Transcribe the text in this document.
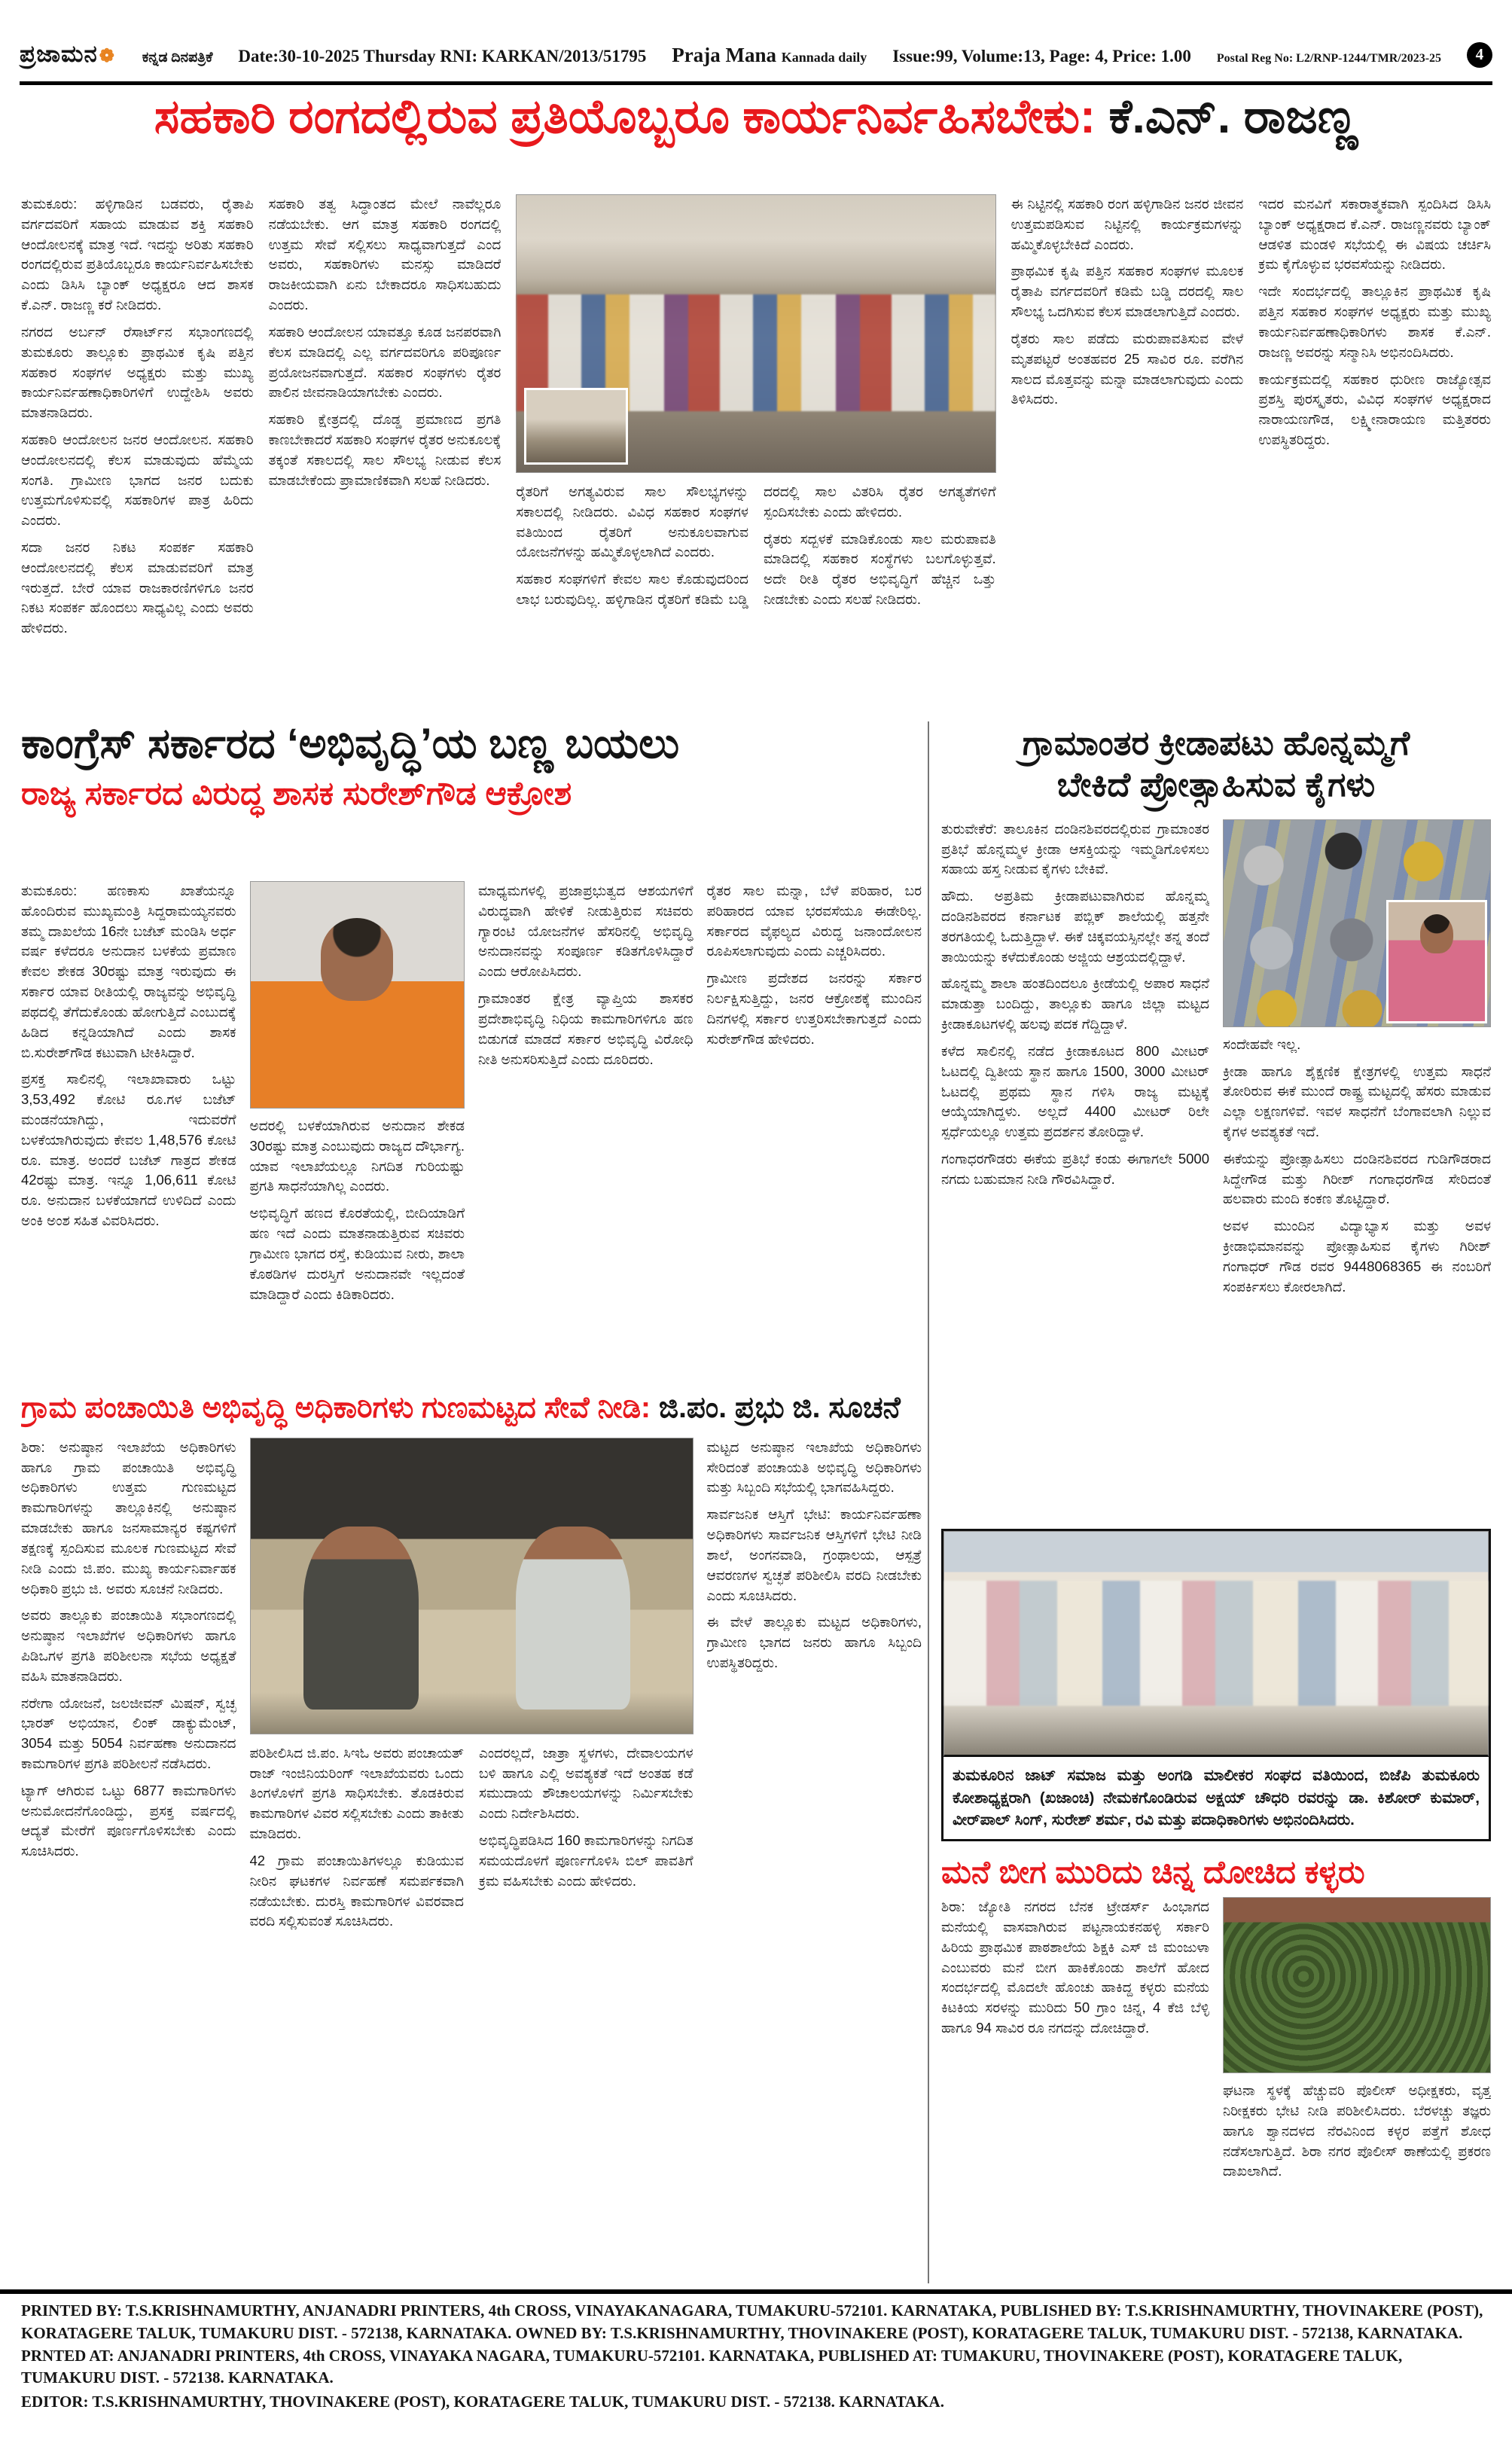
ಪ್ರಜಾಮನ❁ ಕನ್ನಡ ದಿನಪತ್ರಿಕೆ Date:30-10-2025 Thursday RNI: KARKAN/2013/51795 Praja Mana Kannada daily Issue:99, Volume:13, Page: 4, Price: 1.00 Postal Reg No: L2/RNP-1244/TMR/2023-25	4
ಸಹಕಾರಿ ರಂಗದಲ್ಲಿರುವ ಪ್ರತಿಯೊಬ್ಬರೂ ಕಾರ್ಯನಿರ್ವಹಿಸಬೇಕು: ಕೆ.ಎನ್. ರಾಜಣ್ಣ

ತುಮಕೂರು: ಹಳ್ಳಿಗಾಡಿನ ಬಡವರು, ರೈತಾಪಿ ವರ್ಗದವರಿಗೆ ಸಹಾಯ ಮಾಡುವ ಶಕ್ತಿ ಸಹಕಾರಿ ಆಂದೋಲನಕ್ಕೆ ಮಾತ್ರ ಇದೆ. ಇದನ್ನು ಅರಿತು ಸಹಕಾರಿ ರಂಗದಲ್ಲಿರುವ ಪ್ರತಿಯೊಬ್ಬರೂ ಕಾರ್ಯನಿರ್ವಹಿಸಬೇಕು ಎಂದು ಡಿಸಿಸಿ ಬ್ಯಾಂಕ್ ಅಧ್ಯಕ್ಷರೂ ಆದ ಶಾಸಕ ಕೆ.ಎನ್. ರಾಜಣ್ಣ ಕರೆ ನೀಡಿದರು.

ನಗರದ ಅರ್ಬನ್ ರೆಸಾರ್ಟ್‌ನ ಸಭಾಂಗಣದಲ್ಲಿ ತುಮಕೂರು ತಾಲ್ಲೂಕು ಪ್ರಾಥಮಿಕ ಕೃಷಿ ಪತ್ತಿನ ಸಹಕಾರ ಸಂಘಗಳ ಅಧ್ಯಕ್ಷರು ಮತ್ತು ಮುಖ್ಯ ಕಾರ್ಯನಿರ್ವಹಣಾಧಿಕಾರಿಗಳಿಗೆ ಉದ್ದೇಶಿಸಿ ಅವರು ಮಾತನಾಡಿದರು.

ಸಹಕಾರಿ ಆಂದೋಲನ ಜನರ ಆಂದೋಲನ. ಸಹಕಾರಿ ಆಂದೋಲನದಲ್ಲಿ ಕೆಲಸ ಮಾಡುವುದು ಹೆಮ್ಮೆಯ ಸಂಗತಿ. ಗ್ರಾಮೀಣ ಭಾಗದ ಜನರ ಬದುಕು ಉತ್ತಮಗೊಳಿಸುವಲ್ಲಿ ಸಹಕಾರಿಗಳ ಪಾತ್ರ ಹಿರಿದು ಎಂದರು.

ಸದಾ ಜನರ ನಿಕಟ ಸಂಪರ್ಕ ಸಹಕಾರಿ ಆಂದೋಲನದಲ್ಲಿ ಕೆಲಸ ಮಾಡುವವರಿಗೆ ಮಾತ್ರ ಇರುತ್ತದೆ. ಬೇರೆ ಯಾವ ರಾಜಕಾರಣಿಗಳಿಗೂ ಜನರ ನಿಕಟ ಸಂಪರ್ಕ ಹೊಂದಲು ಸಾಧ್ಯವಿಲ್ಲ ಎಂದು ಅವರು ಹೇಳಿದರು.

ಸಹಕಾರಿ ತತ್ವ ಸಿದ್ಧಾಂತದ ಮೇಲೆ ನಾವೆಲ್ಲರೂ ನಡೆಯಬೇಕು. ಆಗ ಮಾತ್ರ ಸಹಕಾರಿ ರಂಗದಲ್ಲಿ ಉತ್ತಮ ಸೇವೆ ಸಲ್ಲಿಸಲು ಸಾಧ್ಯವಾಗುತ್ತದೆ ಎಂದ ಅವರು, ಸಹಕಾರಿಗಳು ಮನಸ್ಸು ಮಾಡಿದರೆ ರಾಜಕೀಯವಾಗಿ ಏನು ಬೇಕಾದರೂ ಸಾಧಿಸಬಹುದು ಎಂದರು.

ಸಹಕಾರಿ ಆಂದೋಲನ ಯಾವತ್ತೂ ಕೂಡ ಜನಪರವಾಗಿ ಕೆಲಸ ಮಾಡಿದಲ್ಲಿ ಎಲ್ಲ ವರ್ಗದವರಿಗೂ ಪರಿಪೂರ್ಣ ಪ್ರಯೋಜನವಾಗುತ್ತದೆ. ಸಹಕಾರ ಸಂಘಗಳು ರೈತರ ಪಾಲಿನ ಜೀವನಾಡಿಯಾಗಬೇಕು ಎಂದರು.

ಸಹಕಾರಿ ಕ್ಷೇತ್ರದಲ್ಲಿ ದೊಡ್ಡ ಪ್ರಮಾಣದ ಪ್ರಗತಿ ಕಾಣಬೇಕಾದರೆ ಸಹಕಾರಿ ಸಂಘಗಳ ರೈತರ ಅನುಕೂಲಕ್ಕೆ ತಕ್ಕಂತೆ ಸಕಾಲದಲ್ಲಿ ಸಾಲ ಸೌಲಭ್ಯ ನೀಡುವ ಕೆಲಸ ಮಾಡಬೇಕೆಂದು ಪ್ರಾಮಾಣಿಕವಾಗಿ ಸಲಹೆ ನೀಡಿದರು.

ರೈತರಿಗೆ ಅಗತ್ಯವಿರುವ ಸಾಲ ಸೌಲಭ್ಯಗಳನ್ನು ಸಕಾಲದಲ್ಲಿ ನೀಡಿದರು. ವಿವಿಧ ಸಹಕಾರ ಸಂಘಗಳ ವತಿಯಿಂದ ರೈತರಿಗೆ ಅನುಕೂಲವಾಗುವ ಯೋಜನೆಗಳನ್ನು ಹಮ್ಮಿಕೊಳ್ಳಲಾಗಿದೆ ಎಂದರು.

ಸಹಕಾರ ಸಂಘಗಳಿಗೆ ಕೇವಲ ಸಾಲ ಕೊಡುವುದರಿಂದ ಲಾಭ ಬರುವುದಿಲ್ಲ. ಹಳ್ಳಿಗಾಡಿನ ರೈತರಿಗೆ ಕಡಿಮೆ ಬಡ್ಡಿ ದರದಲ್ಲಿ ಸಾಲ ವಿತರಿಸಿ ರೈತರ ಅಗತ್ಯತೆಗಳಿಗೆ ಸ್ಪಂದಿಸಬೇಕು ಎಂದು ಹೇಳಿದರು.

ರೈತರು ಸದ್ಬಳಕೆ ಮಾಡಿಕೊಂಡು ಸಾಲ ಮರುಪಾವತಿ ಮಾಡಿದಲ್ಲಿ ಸಹಕಾರ ಸಂಸ್ಥೆಗಳು ಬಲಗೊಳ್ಳುತ್ತವೆ. ಅದೇ ರೀತಿ ರೈತರ ಅಭಿವೃದ್ಧಿಗೆ ಹೆಚ್ಚಿನ ಒತ್ತು ನೀಡಬೇಕು ಎಂದು ಸಲಹೆ ನೀಡಿದರು.

ಈ ನಿಟ್ಟಿನಲ್ಲಿ ಸಹಕಾರಿ ರಂಗ ಹಳ್ಳಿಗಾಡಿನ ಜನರ ಜೀವನ ಉತ್ತಮಪಡಿಸುವ ನಿಟ್ಟಿನಲ್ಲಿ ಕಾರ್ಯಕ್ರಮಗಳನ್ನು ಹಮ್ಮಿಕೊಳ್ಳಬೇಕಿದೆ ಎಂದರು.

ಪ್ರಾಥಮಿಕ ಕೃಷಿ ಪತ್ತಿನ ಸಹಕಾರ ಸಂಘಗಳ ಮೂಲಕ ರೈತಾಪಿ ವರ್ಗದವರಿಗೆ ಕಡಿಮೆ ಬಡ್ಡಿ ದರದಲ್ಲಿ ಸಾಲ ಸೌಲಭ್ಯ ಒದಗಿಸುವ ಕೆಲಸ ಮಾಡಲಾಗುತ್ತಿದೆ ಎಂದರು.

ರೈತರು ಸಾಲ ಪಡೆದು ಮರುಪಾವತಿಸುವ ವೇಳೆ ಮೃತಪಟ್ಟರೆ ಅಂತಹವರ 25 ಸಾವಿರ ರೂ. ವರೆಗಿನ ಸಾಲದ ಮೊತ್ತವನ್ನು ಮನ್ನಾ ಮಾಡಲಾಗುವುದು ಎಂದು ತಿಳಿಸಿದರು.

ಇದರ ಮನವಿಗೆ ಸಕಾರಾತ್ಮಕವಾಗಿ ಸ್ಪಂದಿಸಿದ ಡಿಸಿಸಿ ಬ್ಯಾಂಕ್ ಅಧ್ಯಕ್ಷರಾದ ಕೆ.ಎನ್. ರಾಜಣ್ಣನವರು ಬ್ಯಾಂಕ್ ಆಡಳಿತ ಮಂಡಳಿ ಸಭೆಯಲ್ಲಿ ಈ ವಿಷಯ ಚರ್ಚಿಸಿ ಕ್ರಮ ಕೈಗೊಳ್ಳುವ ಭರವಸೆಯನ್ನು ನೀಡಿದರು.

ಇದೇ ಸಂದರ್ಭದಲ್ಲಿ ತಾಲ್ಲೂಕಿನ ಪ್ರಾಥಮಿಕ ಕೃಷಿ ಪತ್ತಿನ ಸಹಕಾರ ಸಂಘಗಳ ಅಧ್ಯಕ್ಷರು ಮತ್ತು ಮುಖ್ಯ ಕಾರ್ಯನಿರ್ವಹಣಾಧಿಕಾರಿಗಳು ಶಾಸಕ ಕೆ.ಎನ್. ರಾಜಣ್ಣ ಅವರನ್ನು ಸನ್ಮಾನಿಸಿ ಅಭಿನಂದಿಸಿದರು.

ಕಾರ್ಯಕ್ರಮದಲ್ಲಿ ಸಹಕಾರ ಧುರೀಣ ರಾಜ್ಯೋತ್ಸವ ಪ್ರಶಸ್ತಿ ಪುರಸ್ಕೃತರು, ವಿವಿಧ ಸಂಘಗಳ ಅಧ್ಯಕ್ಷರಾದ ನಾರಾಯಣಗೌಡ, ಲಕ್ಷ್ಮೀನಾರಾಯಣ ಮತ್ತಿತರರು ಉಪಸ್ಥಿತರಿದ್ದರು.

ಕಾಂಗ್ರೆಸ್ ಸರ್ಕಾರದ ‘ಅಭಿವೃದ್ಧಿ’ಯ ಬಣ್ಣ ಬಯಲು
ರಾಜ್ಯ ಸರ್ಕಾರದ ವಿರುದ್ಧ ಶಾಸಕ ಸುರೇಶ್‌ಗೌಡ ಆಕ್ರೋಶ

ತುಮಕೂರು: ಹಣಕಾಸು ಖಾತೆಯನ್ನೂ ಹೊಂದಿರುವ ಮುಖ್ಯಮಂತ್ರಿ ಸಿದ್ದರಾಮಯ್ಯನವರು ತಮ್ಮ ದಾಖಲೆಯ 16ನೇ ಬಜೆಟ್ ಮಂಡಿಸಿ ಅರ್ಧ ವರ್ಷ ಕಳೆದರೂ ಅನುದಾನ ಬಳಕೆಯ ಪ್ರಮಾಣ ಕೇವಲ ಶೇಕಡ 30ರಷ್ಟು ಮಾತ್ರ ಇರುವುದು ಈ ಸರ್ಕಾರ ಯಾವ ರೀತಿಯಲ್ಲಿ ರಾಜ್ಯವನ್ನು ಅಭಿವೃದ್ಧಿ ಪಥದಲ್ಲಿ ತೆಗೆದುಕೊಂಡು ಹೋಗುತ್ತಿದೆ ಎಂಬುದಕ್ಕೆ ಹಿಡಿದ ಕನ್ನಡಿಯಾಗಿದೆ ಎಂದು ಶಾಸಕ ಬಿ.ಸುರೇಶ್‌ಗೌಡ ಕಟುವಾಗಿ ಟೀಕಿಸಿದ್ದಾರೆ.

ಪ್ರಸಕ್ತ ಸಾಲಿನಲ್ಲಿ ಇಲಾಖಾವಾರು ಒಟ್ಟು 3,53,492 ಕೋಟಿ ರೂ.ಗಳ ಬಜೆಟ್ ಮಂಡನೆಯಾಗಿದ್ದು, ಇದುವರೆಗೆ ಬಳಕೆಯಾಗಿರುವುದು ಕೇವಲ 1,48,576 ಕೋಟಿ ರೂ. ಮಾತ್ರ. ಅಂದರೆ ಬಜೆಟ್ ಗಾತ್ರದ ಶೇಕಡ 42ರಷ್ಟು ಮಾತ್ರ. ಇನ್ನೂ 1,06,611 ಕೋಟಿ ರೂ. ಅನುದಾನ ಬಳಕೆಯಾಗದೆ ಉಳಿದಿದೆ ಎಂದು ಅಂಕಿ ಅಂಶ ಸಹಿತ ವಿವರಿಸಿದರು.

ಅದರಲ್ಲಿ ಬಳಕೆಯಾಗಿರುವ ಅನುದಾನ ಶೇಕಡ 30ರಷ್ಟು ಮಾತ್ರ ಎಂಬುವುದು ರಾಜ್ಯದ ದೌರ್ಭಾಗ್ಯ. ಯಾವ ಇಲಾಖೆಯಲ್ಲೂ ನಿಗದಿತ ಗುರಿಯಷ್ಟು ಪ್ರಗತಿ ಸಾಧನೆಯಾಗಿಲ್ಲ ಎಂದರು.

ಅಭಿವೃದ್ಧಿಗೆ ಹಣದ ಕೊರತೆಯಲ್ಲಿ, ಬೀದಿಯಾಡಿಗೆ ಹಣ ಇದೆ ಎಂದು ಮಾತನಾಡುತ್ತಿರುವ ಸಚಿವರು ಗ್ರಾಮೀಣ ಭಾಗದ ರಸ್ತೆ, ಕುಡಿಯುವ ನೀರು, ಶಾಲಾ ಕೊಠಡಿಗಳ ದುರಸ್ತಿಗೆ ಅನುದಾನವೇ ಇಲ್ಲದಂತೆ ಮಾಡಿದ್ದಾರೆ ಎಂದು ಕಿಡಿಕಾರಿದರು.

ಮಾಧ್ಯಮಗಳಲ್ಲಿ ಪ್ರಜಾಪ್ರಭುತ್ವದ ಆಶಯಗಳಿಗೆ ವಿರುದ್ಧವಾಗಿ ಹೇಳಿಕೆ ನೀಡುತ್ತಿರುವ ಸಚಿವರು ಗ್ಯಾರಂಟಿ ಯೋಜನೆಗಳ ಹೆಸರಿನಲ್ಲಿ ಅಭಿವೃದ್ಧಿ ಅನುದಾನವನ್ನು ಸಂಪೂರ್ಣ ಕಡಿತಗೊಳಿಸಿದ್ದಾರೆ ಎಂದು ಆರೋಪಿಸಿದರು.

ಗ್ರಾಮಾಂತರ ಕ್ಷೇತ್ರ ವ್ಯಾಪ್ತಿಯ ಶಾಸಕರ ಪ್ರದೇಶಾಭಿವೃದ್ಧಿ ನಿಧಿಯ ಕಾಮಗಾರಿಗಳಿಗೂ ಹಣ ಬಿಡುಗಡೆ ಮಾಡದೆ ಸರ್ಕಾರ ಅಭಿವೃದ್ಧಿ ವಿರೋಧಿ ನೀತಿ ಅನುಸರಿಸುತ್ತಿದೆ ಎಂದು ದೂರಿದರು.

ರೈತರ ಸಾಲ ಮನ್ನಾ, ಬೆಳೆ ಪರಿಹಾರ, ಬರ ಪರಿಹಾರದ ಯಾವ ಭರವಸೆಯೂ ಈಡೇರಿಲ್ಲ. ಸರ್ಕಾರದ ವೈಫಲ್ಯದ ವಿರುದ್ಧ ಜನಾಂದೋಲನ ರೂಪಿಸಲಾಗುವುದು ಎಂದು ಎಚ್ಚರಿಸಿದರು.

ಗ್ರಾಮೀಣ ಪ್ರದೇಶದ ಜನರನ್ನು ಸರ್ಕಾರ ನಿರ್ಲಕ್ಷಿಸುತ್ತಿದ್ದು, ಜನರ ಆಕ್ರೋಶಕ್ಕೆ ಮುಂದಿನ ದಿನಗಳಲ್ಲಿ ಸರ್ಕಾರ ಉತ್ತರಿಸಬೇಕಾಗುತ್ತದೆ ಎಂದು ಸುರೇಶ್‌ಗೌಡ ಹೇಳಿದರು.

ಗ್ರಾಮ ಪಂಚಾಯಿತಿ ಅಭಿವೃದ್ಧಿ ಅಧಿಕಾರಿಗಳು ಗುಣಮಟ್ಟದ ಸೇವೆ ನೀಡಿ: ಜಿ.ಪಂ. ಪ್ರಭು ಜಿ. ಸೂಚನೆ

ಶಿರಾ: ಅನುಷ್ಠಾನ ಇಲಾಖೆಯ ಅಧಿಕಾರಿಗಳು ಹಾಗೂ ಗ್ರಾಮ ಪಂಚಾಯಿತಿ ಅಭಿವೃದ್ಧಿ ಅಧಿಕಾರಿಗಳು ಉತ್ತಮ ಗುಣಮಟ್ಟದ ಕಾಮಗಾರಿಗಳನ್ನು ತಾಲ್ಲೂಕಿನಲ್ಲಿ ಅನುಷ್ಠಾನ ಮಾಡಬೇಕು ಹಾಗೂ ಜನಸಾಮಾನ್ಯರ ಕಷ್ಟಗಳಿಗೆ ತಕ್ಷಣಕ್ಕೆ ಸ್ಪಂದಿಸುವ ಮೂಲಕ ಗುಣಮಟ್ಟದ ಸೇವೆ ನೀಡಿ ಎಂದು ಜಿ.ಪಂ. ಮುಖ್ಯ ಕಾರ್ಯನಿರ್ವಾಹಕ ಅಧಿಕಾರಿ ಪ್ರಭು ಜಿ. ಅವರು ಸೂಚನೆ ನೀಡಿದರು.

ಅವರು ತಾಲ್ಲೂಕು ಪಂಚಾಯಿತಿ ಸಭಾಂಗಣದಲ್ಲಿ ಅನುಷ್ಠಾನ ಇಲಾಖೆಗಳ ಅಧಿಕಾರಿಗಳು ಹಾಗೂ ಪಿಡಿಒಗಳ ಪ್ರಗತಿ ಪರಿಶೀಲನಾ ಸಭೆಯ ಅಧ್ಯಕ್ಷತೆ ವಹಿಸಿ ಮಾತನಾಡಿದರು.

ನರೇಗಾ ಯೋಜನೆ, ಜಲಜೀವನ್ ಮಿಷನ್, ಸ್ವಚ್ಛ ಭಾರತ್ ಅಭಿಯಾನ, ಲಿಂಕ್ ಡಾಕ್ಯುಮೆಂಟ್, 3054 ಮತ್ತು 5054 ನಿರ್ವಹಣಾ ಅನುದಾನದ ಕಾಮಗಾರಿಗಳ ಪ್ರಗತಿ ಪರಿಶೀಲನೆ ನಡೆಸಿದರು.

ಟ್ಯಾಗ್ ಆಗಿರುವ ಒಟ್ಟು 6877 ಕಾಮಗಾರಿಗಳು ಅನುಮೋದನೆಗೊಂಡಿದ್ದು, ಪ್ರಸಕ್ತ ವರ್ಷದಲ್ಲಿ ಆದ್ಯತೆ ಮೇರೆಗೆ ಪೂರ್ಣಗೊಳಿಸಬೇಕು ಎಂದು ಸೂಚಿಸಿದರು.

ಪರಿಶೀಲಿಸಿದ ಜಿ.ಪಂ. ಸಿಇಓ ಅವರು ಪಂಚಾಯತ್ ರಾಜ್ ಇಂಜಿನಿಯರಿಂಗ್ ಇಲಾಖೆಯವರು ಒಂದು ತಿಂಗಳೊಳಗೆ ಪ್ರಗತಿ ಸಾಧಿಸಬೇಕು. ತೊಡಕಿರುವ ಕಾಮಗಾರಿಗಳ ವಿವರ ಸಲ್ಲಿಸಬೇಕು ಎಂದು ತಾಕೀತು ಮಾಡಿದರು.

42 ಗ್ರಾಮ ಪಂಚಾಯಿತಿಗಳಲ್ಲೂ ಕುಡಿಯುವ ನೀರಿನ ಘಟಕಗಳ ನಿರ್ವಹಣೆ ಸಮರ್ಪಕವಾಗಿ ನಡೆಯಬೇಕು. ದುರಸ್ತಿ ಕಾಮಗಾರಿಗಳ ವಿವರವಾದ ವರದಿ ಸಲ್ಲಿಸುವಂತೆ ಸೂಚಿಸಿದರು.

ಎಂದರಲ್ಲದೆ, ಜಾತ್ರಾ ಸ್ಥಳಗಳು, ದೇವಾಲಯಗಳ ಬಳಿ ಹಾಗೂ ಎಲ್ಲಿ ಅವಶ್ಯಕತೆ ಇದೆ ಅಂತಹ ಕಡೆ ಸಮುದಾಯ ಶೌಚಾಲಯಗಳನ್ನು ನಿರ್ಮಿಸಬೇಕು ಎಂದು ನಿರ್ದೇಶಿಸಿದರು.

ಅಭಿವೃದ್ಧಿಪಡಿಸಿದ 160 ಕಾಮಗಾರಿಗಳನ್ನು ನಿಗದಿತ ಸಮಯದೊಳಗೆ ಪೂರ್ಣಗೊಳಿಸಿ ಬಿಲ್ ಪಾವತಿಗೆ ಕ್ರಮ ವಹಿಸಬೇಕು ಎಂದು ಹೇಳಿದರು.

ಮಟ್ಟದ ಅನುಷ್ಠಾನ ಇಲಾಖೆಯ ಅಧಿಕಾರಿಗಳು ಸೇರಿದಂತೆ ಪಂಚಾಯತಿ ಅಭಿವೃದ್ಧಿ ಅಧಿಕಾರಿಗಳು ಮತ್ತು ಸಿಬ್ಬಂದಿ ಸಭೆಯಲ್ಲಿ ಭಾಗವಹಿಸಿದ್ದರು.

ಸಾರ್ವಜನಿಕ ಆಸ್ತಿಗೆ ಭೇಟಿ: ಕಾರ್ಯನಿರ್ವಹಣಾ ಅಧಿಕಾರಿಗಳು ಸಾರ್ವಜನಿಕ ಆಸ್ತಿಗಳಿಗೆ ಭೇಟಿ ನೀಡಿ ಶಾಲೆ, ಅಂಗನವಾಡಿ, ಗ್ರಂಥಾಲಯ, ಆಸ್ಪತ್ರೆ ಆವರಣಗಳ ಸ್ವಚ್ಛತೆ ಪರಿಶೀಲಿಸಿ ವರದಿ ನೀಡಬೇಕು ಎಂದು ಸೂಚಿಸಿದರು.

ಈ ವೇಳೆ ತಾಲ್ಲೂಕು ಮಟ್ಟದ ಅಧಿಕಾರಿಗಳು, ಗ್ರಾಮೀಣ ಭಾಗದ ಜನರು ಹಾಗೂ ಸಿಬ್ಬಂದಿ ಉಪಸ್ಥಿತರಿದ್ದರು.

ಗ್ರಾಮಾಂತರ ಕ್ರೀಡಾಪಟು ಹೊನ್ನಮ್ಮಗೆ
ಬೇಕಿದೆ ಪ್ರೋತ್ಸಾಹಿಸುವ ಕೈಗಳು

ತುರುವೇಕೆರೆ: ತಾಲೂಕಿನ ದಂಡಿನಶಿವರದಲ್ಲಿರುವ ಗ್ರಾಮಾಂತರ ಪ್ರತಿಭೆ ಹೊನ್ನಮ್ಮಳ ಕ್ರೀಡಾ ಆಸಕ್ತಿಯನ್ನು ಇಮ್ಮಡಿಗೊಳಿಸಲು ಸಹಾಯ ಹಸ್ತ ನೀಡುವ ಕೈಗಳು ಬೇಕಿವೆ.

ಹೌದು. ಅಪ್ರತಿಮ ಕ್ರೀಡಾಪಟುವಾಗಿರುವ ಹೊನ್ನಮ್ಮ ದಂಡಿನಶಿವರದ ಕರ್ನಾಟಕ ಪಬ್ಲಿಕ್ ಶಾಲೆಯಲ್ಲಿ ಹತ್ತನೇ ತರಗತಿಯಲ್ಲಿ ಓದುತ್ತಿದ್ದಾಳೆ. ಈಕೆ ಚಿಕ್ಕವಯಸ್ಸಿನಲ್ಲೇ ತನ್ನ ತಂದೆ ತಾಯಿಯನ್ನು ಕಳೆದುಕೊಂಡು ಅಜ್ಜಿಯ ಆಶ್ರಯದಲ್ಲಿದ್ದಾಳೆ.

ಹೊನ್ನಮ್ಮ ಶಾಲಾ ಹಂತದಿಂದಲೂ ಕ್ರೀಡೆಯಲ್ಲಿ ಅಪಾರ ಸಾಧನೆ ಮಾಡುತ್ತಾ ಬಂದಿದ್ದು, ತಾಲ್ಲೂಕು ಹಾಗೂ ಜಿಲ್ಲಾ ಮಟ್ಟದ ಕ್ರೀಡಾಕೂಟಗಳಲ್ಲಿ ಹಲವು ಪದಕ ಗೆದ್ದಿದ್ದಾಳೆ.

ಕಳೆದ ಸಾಲಿನಲ್ಲಿ ನಡೆದ ಕ್ರೀಡಾಕೂಟದ 800 ಮೀಟರ್ ಓಟದಲ್ಲಿ ದ್ವಿತೀಯ ಸ್ಥಾನ ಹಾಗೂ 1500, 3000 ಮೀಟರ್ ಓಟದಲ್ಲಿ ಪ್ರಥಮ ಸ್ಥಾನ ಗಳಿಸಿ ರಾಜ್ಯ ಮಟ್ಟಕ್ಕೆ ಆಯ್ಕೆಯಾಗಿದ್ದಳು. ಅಲ್ಲದೆ 4400 ಮೀಟರ್ ರಿಲೇ ಸ್ಪರ್ಧೆಯಲ್ಲೂ ಉತ್ತಮ ಪ್ರದರ್ಶನ ತೋರಿದ್ದಾಳೆ.

ಗಂಗಾಧರಗೌಡರು ಈಕೆಯ ಪ್ರತಿಭೆ ಕಂಡು ಈಗಾಗಲೇ 5000 ನಗದು ಬಹುಮಾನ ನೀಡಿ ಗೌರವಿಸಿದ್ದಾರೆ.

ಸಂದೇಹವೇ ಇಲ್ಲ.

ಕ್ರೀಡಾ ಹಾಗೂ ಶೈಕ್ಷಣಿಕ ಕ್ಷೇತ್ರಗಳಲ್ಲಿ ಉತ್ತಮ ಸಾಧನೆ ತೋರಿರುವ ಈಕೆ ಮುಂದೆ ರಾಷ್ಟ್ರ ಮಟ್ಟದಲ್ಲಿ ಹೆಸರು ಮಾಡುವ ಎಲ್ಲಾ ಲಕ್ಷಣಗಳಿವೆ. ಇವಳ ಸಾಧನೆಗೆ ಬೆಂಗಾವಲಾಗಿ ನಿಲ್ಲುವ ಕೈಗಳ ಅವಶ್ಯಕತೆ ಇದೆ.

ಈಕೆಯನ್ನು ಪ್ರೋತ್ಸಾಹಿಸಲು ದಂಡಿನಶಿವರದ ಗುಡಿಗೌಡರಾದ ಸಿದ್ದೇಗೌಡ ಮತ್ತು ಗಿರೀಶ್ ಗಂಗಾಧರಗೌಡ ಸೇರಿದಂತೆ ಹಲವಾರು ಮಂದಿ ಕಂಕಣ ತೊಟ್ಟಿದ್ದಾರೆ.

ಅವಳ ಮುಂದಿನ ವಿದ್ಯಾಭ್ಯಾಸ ಮತ್ತು ಅವಳ ಕ್ರೀಡಾಭಿಮಾನವನ್ನು ಪ್ರೋತ್ಸಾಹಿಸುವ ಕೈಗಳು ಗಿರೀಶ್ ಗಂಗಾಧರ್ ಗೌಡ ರವರ 9448068365 ಈ ನಂಬರಿಗೆ ಸಂಪರ್ಕಿಸಲು ಕೋರಲಾಗಿದೆ.

ತುಮಕೂರಿನ ಜಾಟ್ ಸಮಾಜ ಮತ್ತು ಅಂಗಡಿ ಮಾಲೀಕರ ಸಂಘದ ವತಿಯಿಂದ, ಬಿಜೆಪಿ ತುಮಕೂರು ಕೋಶಾಧ್ಯಕ್ಷರಾಗಿ (ಖಜಾಂಚಿ) ನೇಮಕಗೊಂಡಿರುವ ಅಕ್ಷಯ್ ಚೌಧರಿ ರವರನ್ನು ಡಾ. ಕಿಶೋರ್ ಕುಮಾರ್, ವೀರ್‌ಪಾಲ್ ಸಿಂಗ್, ಸುರೇಶ್ ಶರ್ಮ, ರವಿ ಮತ್ತು ಪದಾಧಿಕಾರಿಗಳು ಅಭಿನಂದಿಸಿದರು.
ಮನೆ ಬೀಗ ಮುರಿದು ಚಿನ್ನ ದೋಚಿದ ಕಳ್ಳರು

ಶಿರಾ: ಜ್ಯೋತಿ ನಗರದ ಬೆನಕ ಟ್ರೇಡರ್ಸ್ ಹಿಂಭಾಗದ ಮನೆಯಲ್ಲಿ ವಾಸವಾಗಿರುವ ಪಟ್ಟನಾಯಕನಹಳ್ಳಿ ಸರ್ಕಾರಿ ಹಿರಿಯ ಪ್ರಾಥಮಿಕ ಪಾಠಶಾಲೆಯ ಶಿಕ್ಷಕಿ ಎಸ್ ಜಿ ಮಂಜುಳಾ ಎಂಬುವರು ಮನೆ ಬೀಗ ಹಾಕಿಕೊಂಡು ಶಾಲೆಗೆ ಹೋದ ಸಂದರ್ಭದಲ್ಲಿ ಮೊದಲೇ ಹೊಂಚು ಹಾಕಿದ್ದ ಕಳ್ಳರು ಮನೆಯ ಕಿಟಕಿಯ ಸರಳನ್ನು ಮುರಿದು 50 ಗ್ರಾಂ ಚಿನ್ನ, 4 ಕೆಜಿ ಬೆಳ್ಳಿ ಹಾಗೂ 94 ಸಾವಿರ ರೂ ನಗದನ್ನು ದೋಚಿದ್ದಾರೆ.

ಘಟನಾ ಸ್ಥಳಕ್ಕೆ ಹೆಚ್ಚುವರಿ ಪೊಲೀಸ್ ಅಧೀಕ್ಷಕರು, ವೃತ್ತ ನಿರೀಕ್ಷಕರು ಭೇಟಿ ನೀಡಿ ಪರಿಶೀಲಿಸಿದರು. ಬೆರಳಚ್ಚು ತಜ್ಞರು ಹಾಗೂ ಶ್ವಾನದಳದ ನೆರವಿನಿಂದ ಕಳ್ಳರ ಪತ್ತೆಗೆ ಶೋಧ ನಡೆಸಲಾಗುತ್ತಿದೆ. ಶಿರಾ ನಗರ ಪೊಲೀಸ್ ಠಾಣೆಯಲ್ಲಿ ಪ್ರಕರಣ ದಾಖಲಾಗಿದೆ.

PRINTED BY: T.S.KRISHNAMURTHY, ANJANADRI PRINTERS, 4th CROSS, VINAYAKANAGARA, TUMAKURU-572101. KARNATAKA, PUBLISHED BY: T.S.KRISHNAMURTHY, THOVINAKERE (POST), KORATAGERE TALUK, TUMAKURU DIST. - 572138, KARNATAKA. OWNED BY: T.S.KRISHNAMURTHY, THOVINAKERE (POST), KORATAGERE TALUK, TUMAKURU DIST. - 572138, KARNATAKA. PRNTED AT: ANJANADRI PRINTERS, 4th CROSS, VINAYAKA NAGARA, TUMAKURU-572101. KARNATAKA, PUBLISHED AT: TUMAKURU, THOVINAKERE (POST), KORATAGERE TALUK, TUMAKURU DIST. - 572138. KARNATAKA.

EDITOR: T.S.KRISHNAMURTHY, THOVINAKERE (POST), KORATAGERE TALUK, TUMAKURU DIST. - 572138. KARNATAKA.
